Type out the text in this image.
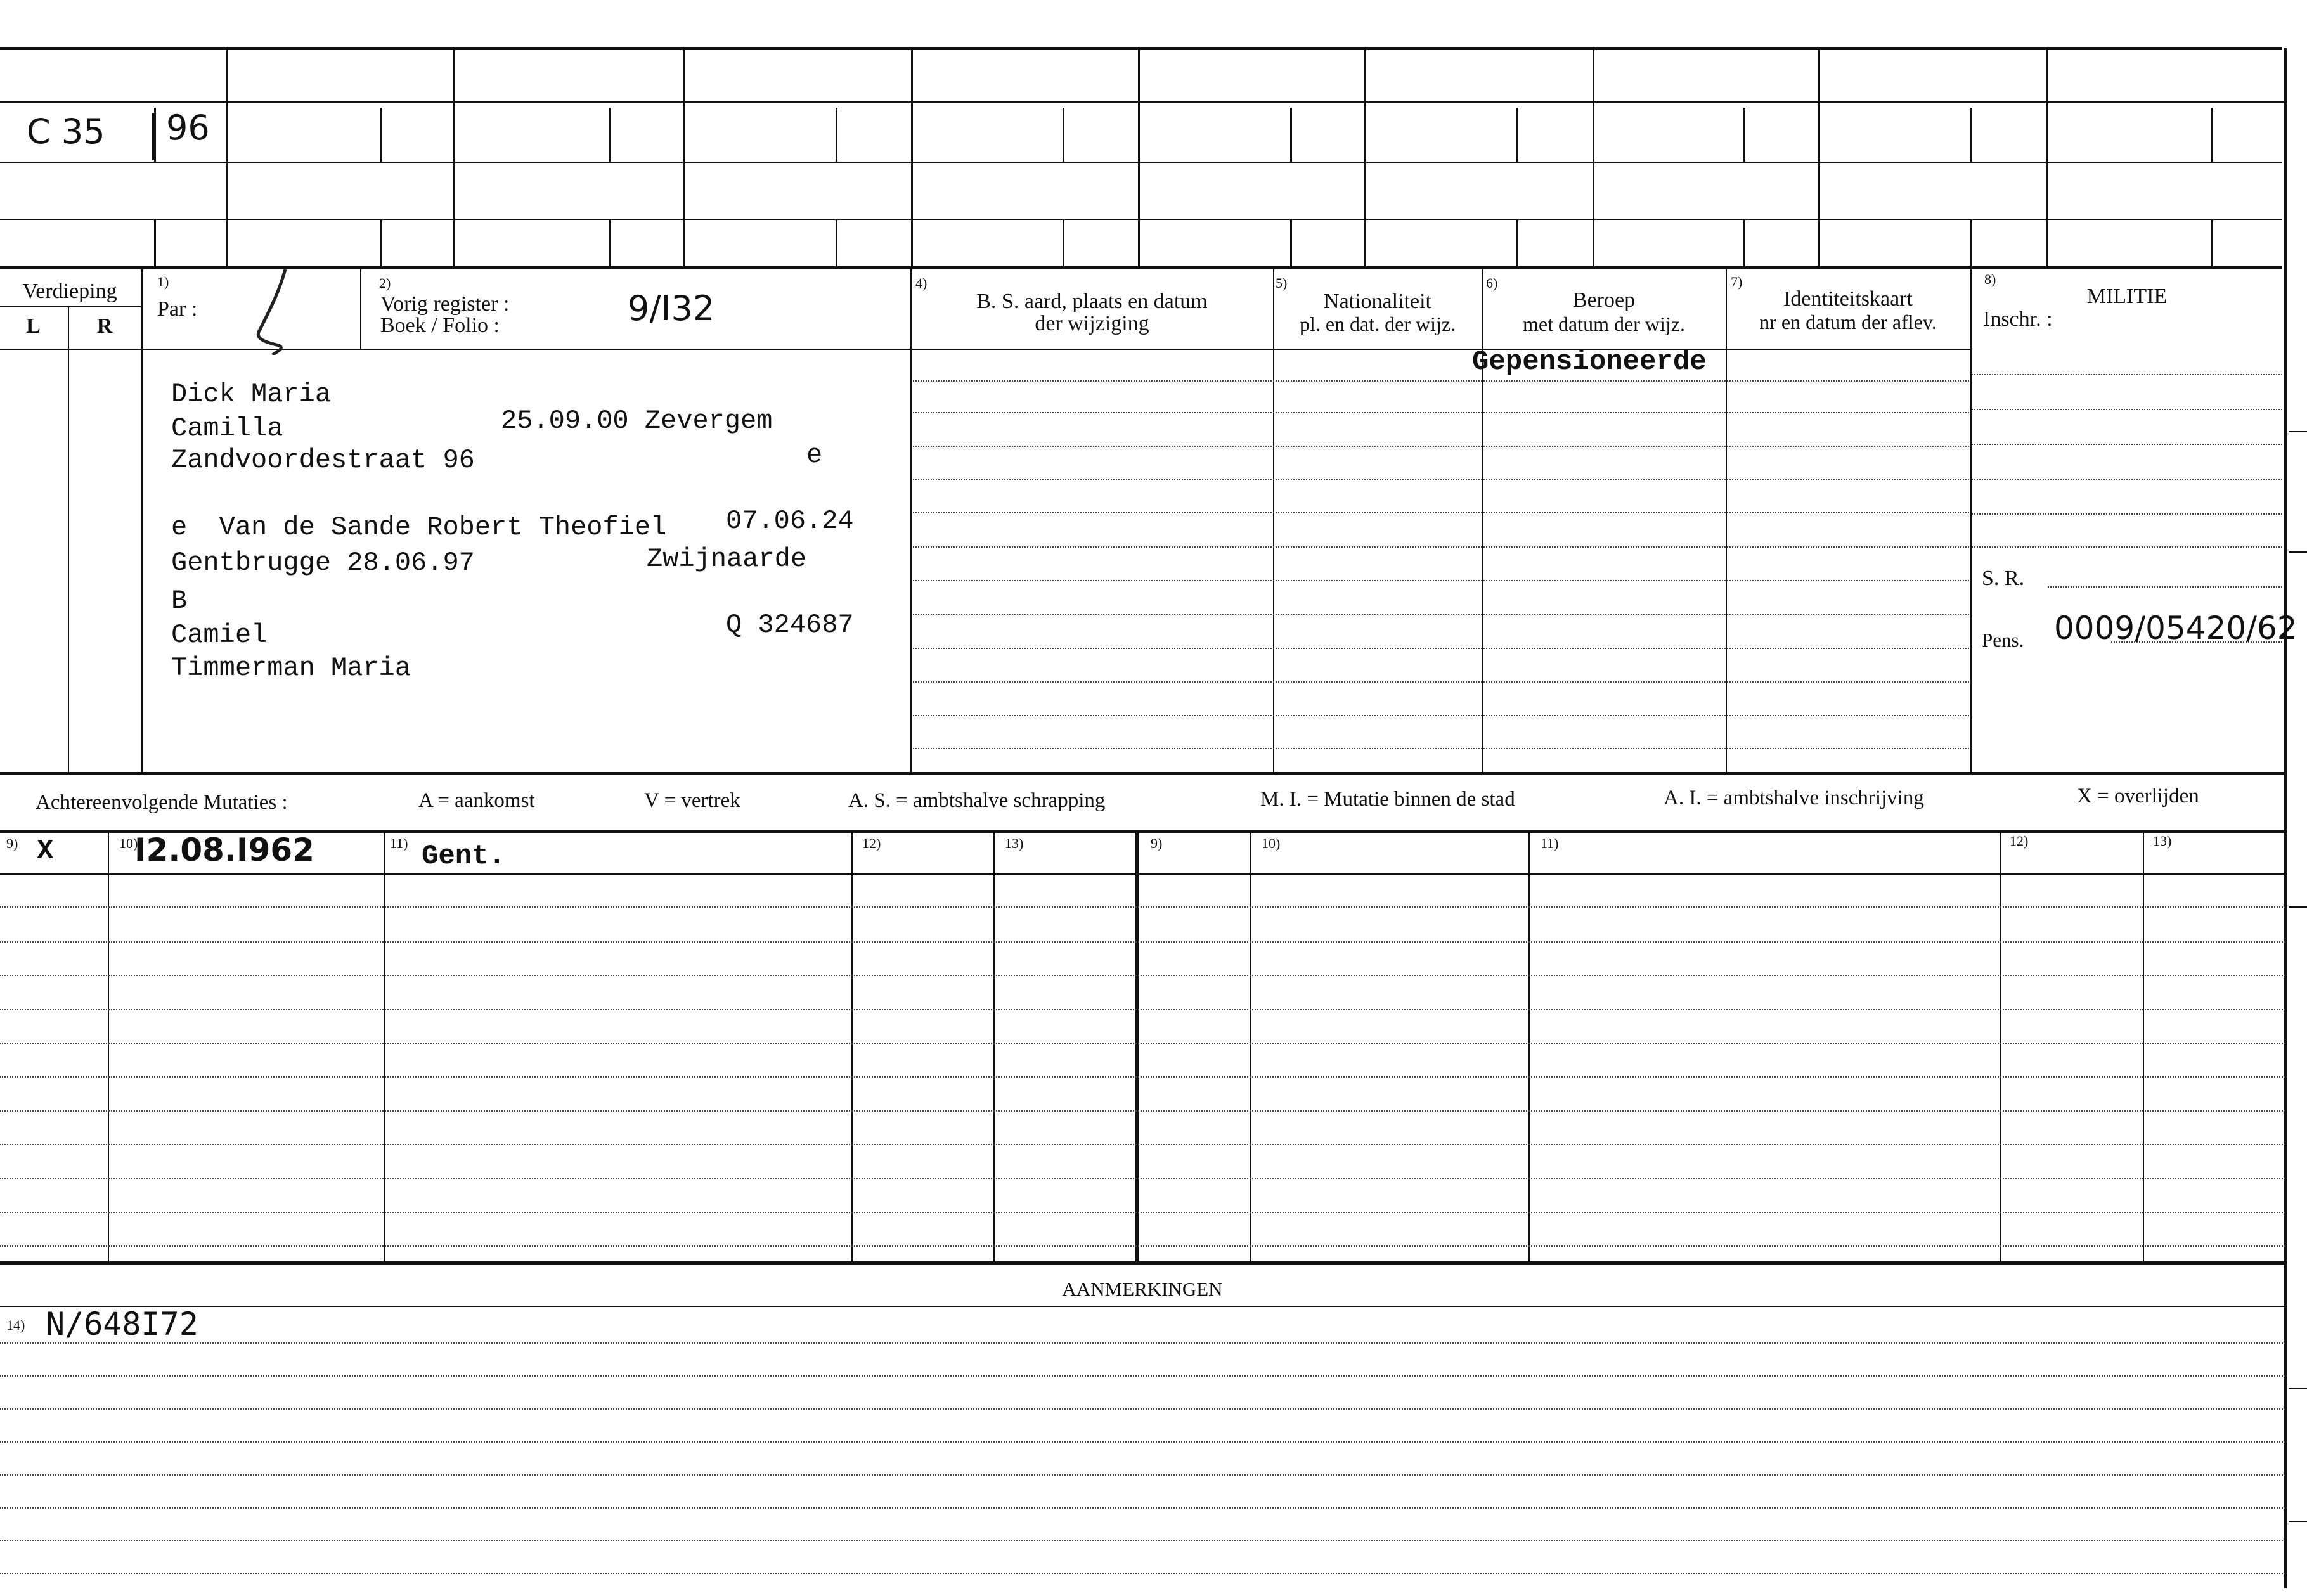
C 35 96
Verdieping
L	R
1)
Par :
2)
Vorig register :
Boek / Folio :	9/I32
4)
B. S. aard, plaats en datum
der wijziging
5)
Nationaliteit
pl. en dat. der wijz.
6)
Beroep
met datum der wijz.
7)
Identiteitskaart
nr en datum der aflev.
8)
MILITIE
Inschr. :
Dick Maria
Camilla
Zandvoordestraat 96
25.09.00 Zevergem
e
e  Van de Sande Robert Theofiel 07.06.24
Gentbrugge 28.06.97	Zwijnaarde
B
Camiel	Q 324687
Timmerman Maria
Gepensioneerde
S. R.
Pens. 0009/05420/62
Achtereenvolgende Mutaties :	A = aankomst	V = vertrek	A. S. = ambtshalve schrapping	M. I. = Mutatie binnen de stad	A. I. = ambtshalve inschrijving	X = overlijden
9)	10)	11)	12)	13)	9)	10)	11)	12)	13)
X	I2.08.I962	Gent.
AANMERKINGEN
14) N/648I72
